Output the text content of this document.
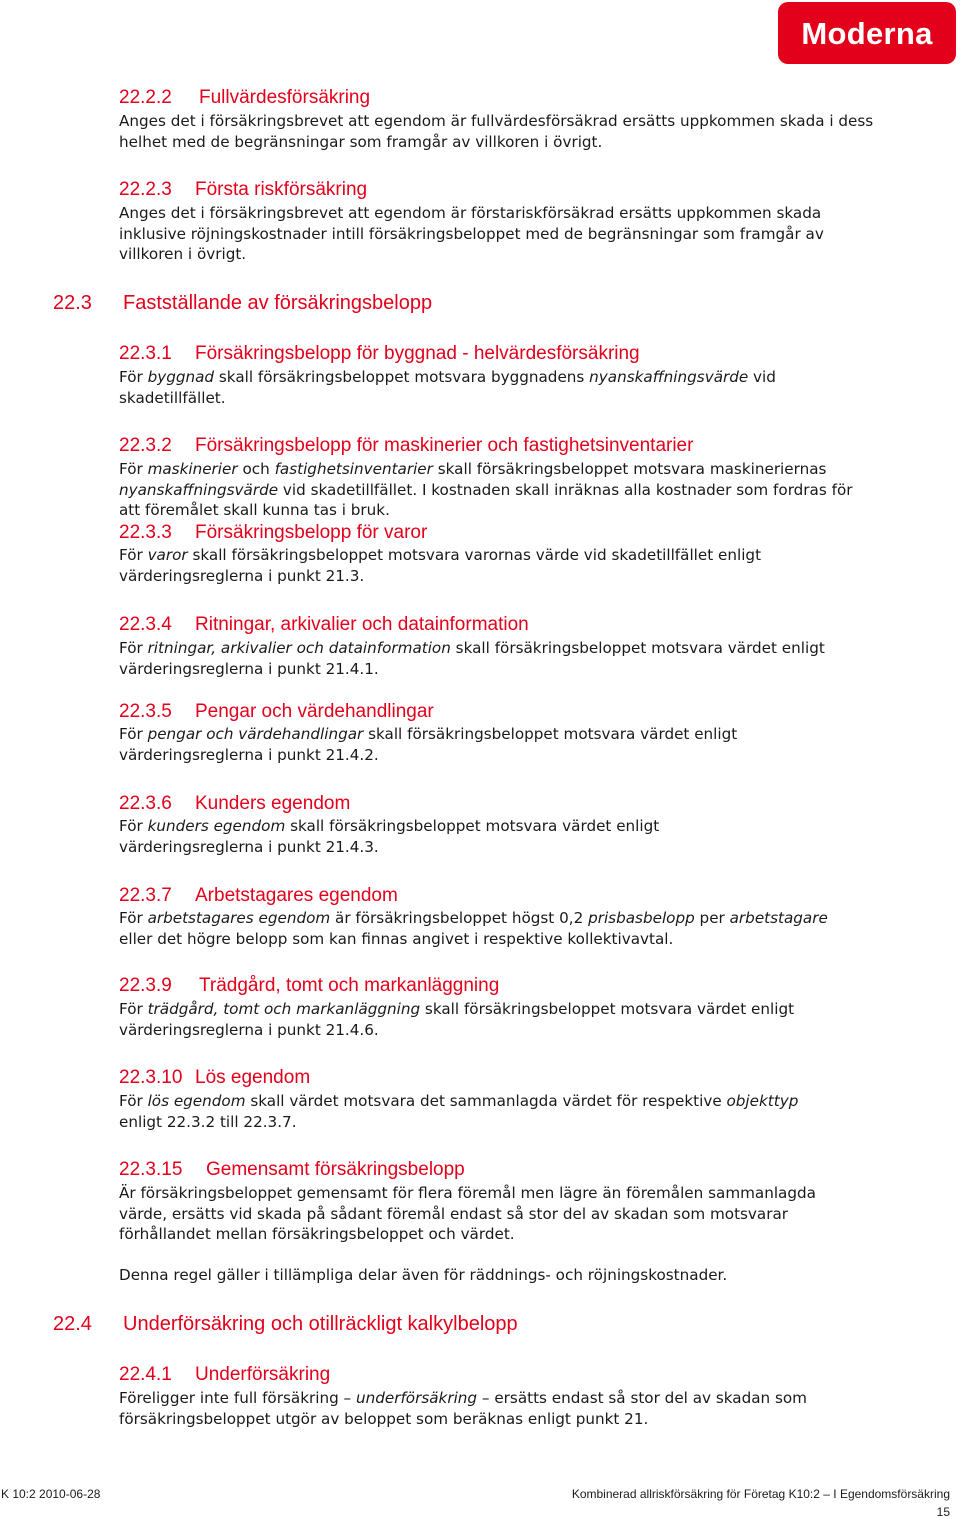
Moderna
22.2.2 Fullvärdesförsäkring
Anges det i försäkringsbrevet att egendom är fullvärdesförsäkrad ersätts uppkommen skada i dess helhet med de begränsningar som framgår av villkoren i övrigt.
22.2.3 Första riskförsäkring
Anges det i försäkringsbrevet att egendom är förstariskförsäkrad ersätts uppkommen skada inklusive röjningskostnader intill försäkringsbeloppet med de begränsningar som framgår av villkoren i övrigt.
22.3 Fastställande av försäkringsbelopp
22.3.1 Försäkringsbelopp för byggnad - helvärdesförsäkring
För byggnad skall försäkringsbeloppet motsvara byggnadens nyanskaffningsvärde vid skadetillfället.
22.3.2 Försäkringsbelopp för maskinerier och fastighetsinventarier
För maskinerier och fastighetsinventarier skall försäkringsbeloppet motsvara maskineriernas nyanskaffningsvärde vid skadetillfället. I kostnaden skall inräknas alla kostnader som fordras för att föremålet skall kunna tas i bruk.
22.3.3 Försäkringsbelopp för varor
För varor skall försäkringsbeloppet motsvara varornas värde vid skadetillfället enligt värderingsreglerna i punkt 21.3.
22.3.4 Ritningar, arkivalier och datainformation
För ritningar, arkivalier och datainformation skall försäkringsbeloppet motsvara värdet enligt värderingsreglerna i punkt 21.4.1.
22.3.5 Pengar och värdehandlingar
För pengar och värdehandlingar skall försäkringsbeloppet motsvara värdet enligt värderingsreglerna i punkt 21.4.2.
22.3.6 Kunders egendom
För kunders egendom skall försäkringsbeloppet motsvara värdet enligt värderingsreglerna i punkt 21.4.3.
22.3.7 Arbetstagares egendom
För arbetstagares egendom är försäkringsbeloppet högst 0,2 prisbasbelopp per arbetstagare eller det högre belopp som kan finnas angivet i respektive kollektivavtal.
22.3.9 Trädgård, tomt och markanläggning
För trädgård, tomt och markanläggning skall försäkringsbeloppet motsvara värdet enligt värderingsreglerna i punkt 21.4.6.
22.3.10 Lös egendom
För lös egendom skall värdet motsvara det sammanlagda värdet för respektive objekttyp enligt 22.3.2 till 22.3.7.
22.3.15 Gemensamt försäkringsbelopp
Är försäkringsbeloppet gemensamt för flera föremål men lägre än föremålen sammanlagda värde, ersätts vid skada på sådant föremål endast så stor del av skadan som motsvarar förhållandet mellan försäkringsbeloppet och värdet.
Denna regel gäller i tillämpliga delar även för räddnings- och röjningskostnader.
22.4 Underförsäkring och otillräckligt kalkylbelopp
22.4.1 Underförsäkring
Föreligger inte full försäkring – underförsäkring – ersätts endast så stor del av skadan som försäkringsbeloppet utgör av beloppet som beräknas enligt punkt 21.
K 10:2 2010-06-28	Kombinerad allriskförsäkring för Företag K10:2 – I Egendomsförsäkring
15
